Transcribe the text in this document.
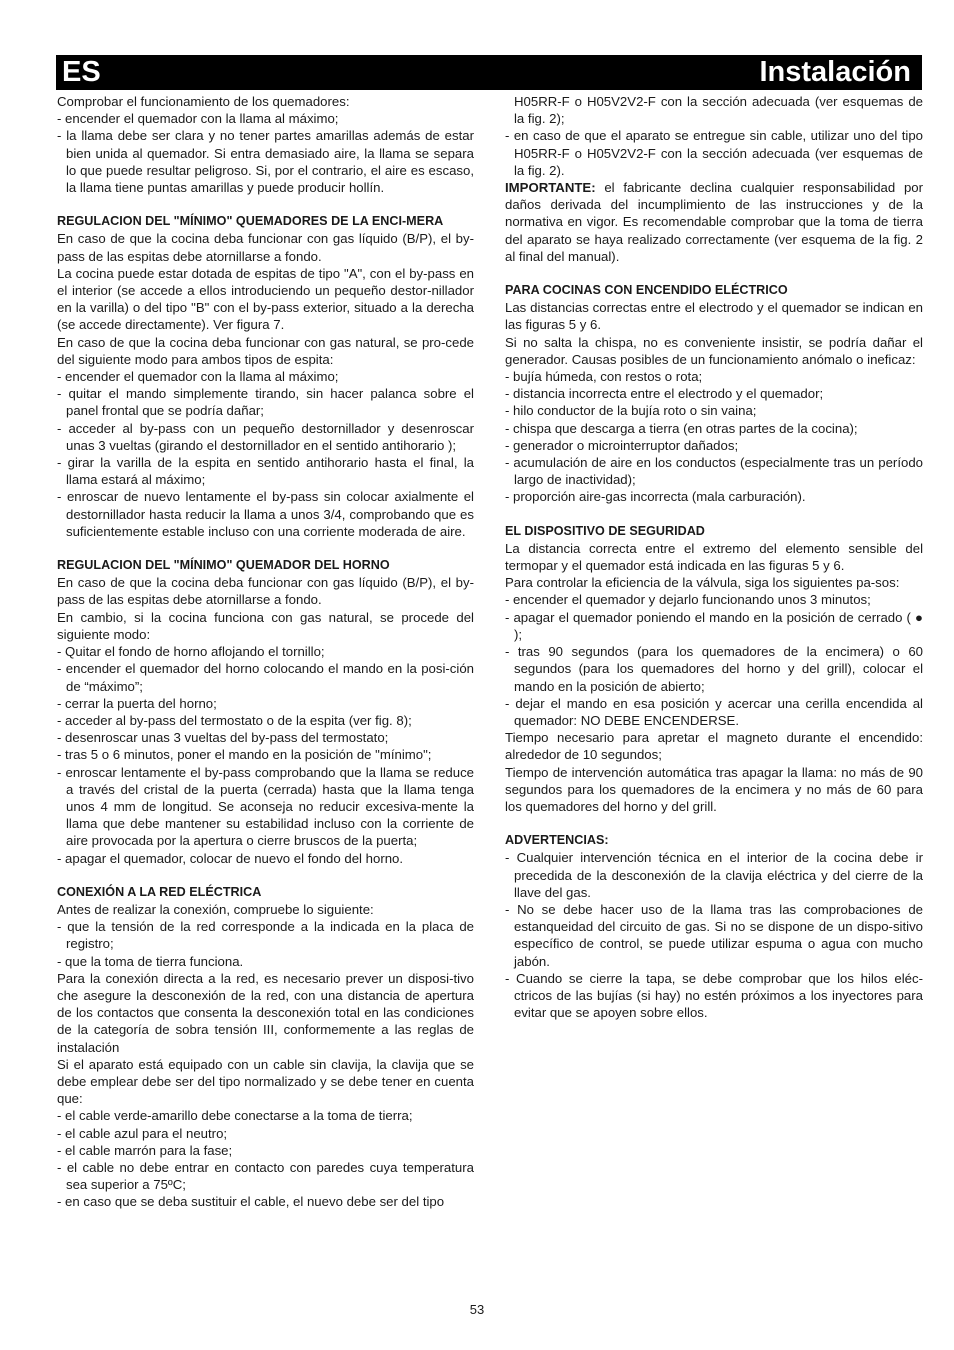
ES	Instalación

Comprobar el funcionamiento de los quemadores:

- encender el quemador con la llama al máximo;

- la llama debe ser clara y no tener partes amarillas además de estar bien unida al quemador. Si entra demasiado aire, la llama se separa lo que puede resultar peligroso. Si, por el contrario, el aire es escaso, la llama tiene puntas amarillas y puede producir hollín.

REGULACION DEL "MÍNIMO" QUEMADORES DE LA ENCI-MERA

En caso de que la cocina deba funcionar con gas líquido (B/P), el by-pass de las espitas debe atornillarse a fondo.

La cocina puede estar dotada de espitas de tipo "A", con el by-pass en el interior (se accede a ellos introduciendo un pequeño destor-nillador en la varilla) o del tipo "B" con el by-pass exterior, situado a la derecha (se accede directamente). Ver figura 7.

En caso de que la cocina deba funcionar con gas natural, se pro-cede del siguiente modo para ambos tipos de espita:

- encender el quemador con la llama al máximo;

- quitar el mando simplemente tirando, sin hacer palanca sobre el panel frontal que se podría dañar;

- acceder al by-pass con un pequeño destornillador y desenroscar unas 3 vueltas (girando el destornillador en el sentido antihorario );

- girar la varilla de la espita en sentido antihorario hasta el final, la llama estará al máximo;

- enroscar de nuevo lentamente el by-pass sin colocar axialmente el destornillador hasta reducir la llama a unos 3/4, comprobando que es suficientemente estable incluso con una corriente moderada de aire.

REGULACION DEL "MÍNIMO" QUEMADOR DEL HORNO

En caso de que la cocina deba funcionar con gas líquido (B/P), el by-pass de las espitas debe atornillarse a fondo.

En cambio, si la cocina funciona con gas natural, se procede del siguiente modo:

- Quitar el fondo de horno aflojando el tornillo;

- encender el quemador del horno colocando el mando en la posi-ción de “máximo”;

- cerrar la puerta del horno;

- acceder al by-pass del termostato o de la espita (ver fig. 8);

- desenroscar unas 3 vueltas del by-pass del termostato;

- tras 5 o 6 minutos, poner el mando en la posición de "mínimo";

- enroscar lentamente el by-pass comprobando que la llama se reduce a través del cristal de la puerta (cerrada) hasta que la llama tenga unos 4 mm de longitud. Se aconseja no reducir excesiva-mente la llama que debe mantener su estabilidad incluso con la corriente de aire provocada por la apertura o cierre bruscos de la puerta;

- apagar el quemador, colocar de nuevo el fondo del horno.

CONEXIÓN A LA RED ELÉCTRICA

Antes de realizar la conexión, compruebe lo siguiente:

- que la tensión de la red corresponde a la indicada en la placa de registro;

- que la toma de tierra funciona.

Para la conexión directa a la red, es necesario prever un disposi-tivo che asegure la desconexión de la red, con una distancia de apertura de los contactos que consenta la desconexión total en las condiciones de la categoría de sobra tensión III, conformemente a las reglas de instalación

Si el aparato está equipado con un cable sin clavija, la clavija que se debe emplear debe ser del tipo normalizado y se debe tener en cuenta que:

- el cable verde-amarillo debe conectarse a la toma de tierra;

- el cable azul para el neutro;

- el cable marrón para la fase;

- el cable no debe entrar en contacto con paredes cuya temperatura sea superior a 75ºC;

- en caso que se deba sustituir el cable, el nuevo debe ser del tipo

H05RR-F o H05V2V2-F con la sección adecuada (ver esquemas de la fig. 2);

- en caso de que el aparato se entregue sin cable, utilizar uno del tipo H05RR-F o H05V2V2-F con la sección adecuada (ver esquemas de la fig. 2).

IMPORTANTE: el fabricante declina cualquier responsabilidad por daños derivada del incumplimiento de las instrucciones y de la normativa en vigor. Es recomendable comprobar que la toma de tierra del aparato se haya realizado correctamente (ver esquema de la fig. 2 al final del manual).

PARA COCINAS CON ENCENDIDO ELÉCTRICO

Las distancias correctas entre el electrodo y el quemador se indican en las figuras 5 y 6.

Si no salta la chispa, no es conveniente insistir, se podría dañar el generador. Causas posibles de un funcionamiento anómalo o ineficaz:

- bujía húmeda, con restos o rota;

- distancia incorrecta entre el electrodo y el quemador;

- hilo conductor de la bujía roto o sin vaina;

- chispa que descarga a tierra (en otras partes de la cocina);

- generador o microinterruptor dañados;

- acumulación de aire en los conductos (especialmente tras un período largo de inactividad);

- proporción aire-gas incorrecta (mala carburación).

EL DISPOSITIVO DE SEGURIDAD

La distancia correcta entre el extremo del elemento sensible del termopar y el quemador está indicada en las figuras 5 y 6.

Para controlar la eficiencia de la válvula, siga los siguientes pa-sos:

- encender el quemador y dejarlo funcionando unos 3 minutos;

- apagar el quemador poniendo el mando en la posición de cerrado ( ● );

- tras 90 segundos (para los quemadores de la encimera) o 60 segundos (para los quemadores del horno y del grill), colocar el mando en la posición de abierto;

- dejar el mando en esa posición y acercar una cerilla encendida al quemador: NO DEBE ENCENDERSE.

Tiempo necesario para apretar el magneto durante el encendido: alrededor de 10 segundos;

Tiempo de intervención automática tras apagar la llama: no más de 90 segundos para los quemadores de la encimera y no más de 60 para los quemadores del horno y del grill.

ADVERTENCIAS:

- Cualquier intervención técnica en el interior de la cocina debe ir precedida de la desconexión de la clavija eléctrica y del cierre de la llave del gas.

- No se debe hacer uso de la llama tras las comprobaciones de estanqueidad del circuito de gas. Si no se dispone de un dispo-sitivo específico de control, se puede utilizar espuma o agua con mucho jabón.

- Cuando se cierre la tapa, se debe comprobar que los hilos eléc-ctricos de las bujías (si hay) no estén próximos a los inyectores para evitar que se apoyen sobre ellos.

53
